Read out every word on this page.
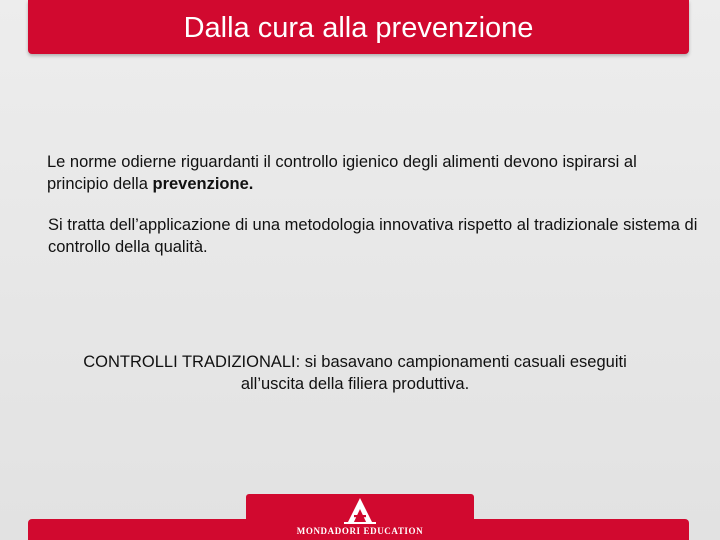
Dalla cura alla prevenzione
Le norme odierne riguardanti il controllo igienico degli alimenti devono ispirarsi al principio della prevenzione.
Si tratta dell’applicazione di una metodologia innovativa rispetto al tradizionale sistema di controllo della qualità.
CONTROLLI TRADIZIONALI: si basavano campionamenti casuali eseguiti all’uscita della filiera produttiva.
MONDADORI EDUCATION
